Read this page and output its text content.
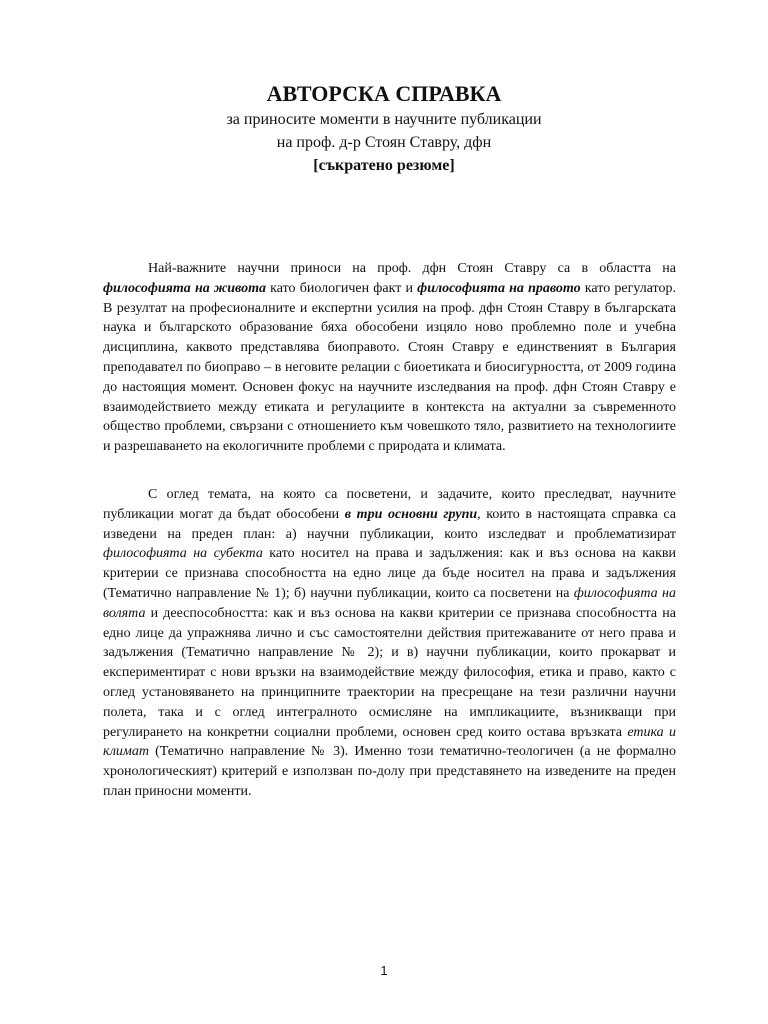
АВТОРСКА СПРАВКА
за приносите моменти в научните публикации
на проф. д-р Стоян Ставру, дфн
[съкратено резюме]

Най-важните научни приноси на проф. дфн Стоян Ставру са в областта на философията на живота като биологичен факт и философията на правото като регулатор. В резултат на професионалните и експертни усилия на проф. дфн Стоян Ставру в българската наука и българското образование бяха обособени изцяло ново проблемно поле и учебна дисциплина, каквото представлява биоправото. Стоян Ставру е единственият в България преподавател по биоправо – в неговите релации с биоетиката и биосигурността, от 2009 година до настоящия момент. Основен фокус на научните изследвания на проф. дфн Стоян Ставру е взаимодействието между етиката и регулациите в контекста на актуални за съвременното общество проблеми, свързани с отношението към човешкото тяло, развитието на технологиите и разрешаването на екологичните проблеми с природата и климата.

С оглед темата, на която са посветени, и задачите, които преследват, научните публикации могат да бъдат обособени в три основни групи, които в настоящата справка са изведени на преден план: а) научни публикации, които изследват и проблематизират философията на субекта като носител на права и задължения: как и въз основа на какви критерии се признава способността на едно лице да бъде носител на права и задължения (Тематично направление № 1); б) научни публикации, които са посветени на философията на волята и дееспособността: как и въз основа на какви критерии се признава способността на едно лице да упражнява лично и със самостоятелни действия притежаваните от него права и задължения (Тематично направление № 2); и в) научни публикации, които прокарват и експериментират с нови връзки на взаимодействие между философия, етика и право, както с оглед установяването на принципните траектории на пресрещане на тези различни научни полета, така и с оглед интегралното осмисляне на импликациите, възникващи при регулирането на конкретни социални проблеми, основен сред които остава връзката етика и климат (Тематично направление № 3). Именно този тематично-теологичен (а не формално хронологическият) критерий е използван по-долу при представянето на изведените на преден план приносни моменти.

1
